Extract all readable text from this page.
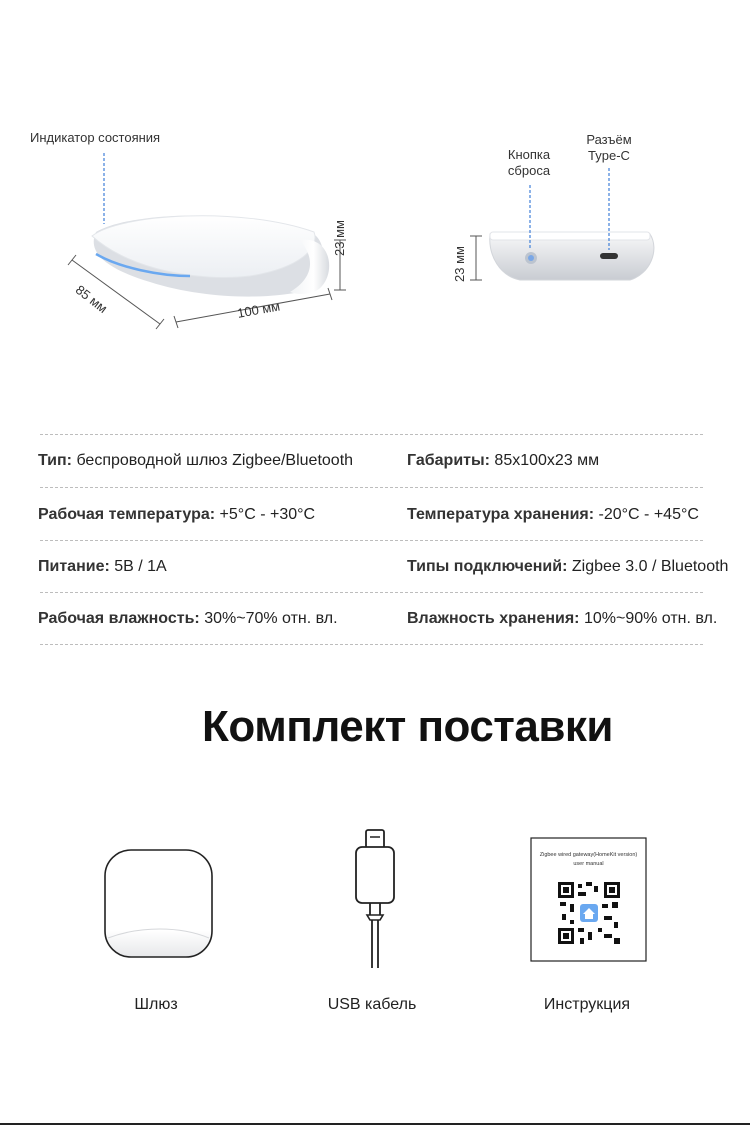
Индикатор состояния
23 мм
85 мм	100 мм
23 мм
Кнопка
сброса
Разъём
Type-C
Тип: беспроводной шлюз Zigbee/Bluetooth	Габариты: 85x100x23 мм
Рабочая температура: +5°С - +30°С	Температура хранения: -20°С - +45°С
Питание: 5В / 1А	Типы подключений: Zigbee 3.0 / Bluetooth
Рабочая влажность: 30%~70% отн. вл.	Влажность хранения: 10%~90% отн. вл.
Комплект поставки
Zigbee wired gateway(HomeKit version)
user manual
Шлюз	USB кабель	Инструкция
